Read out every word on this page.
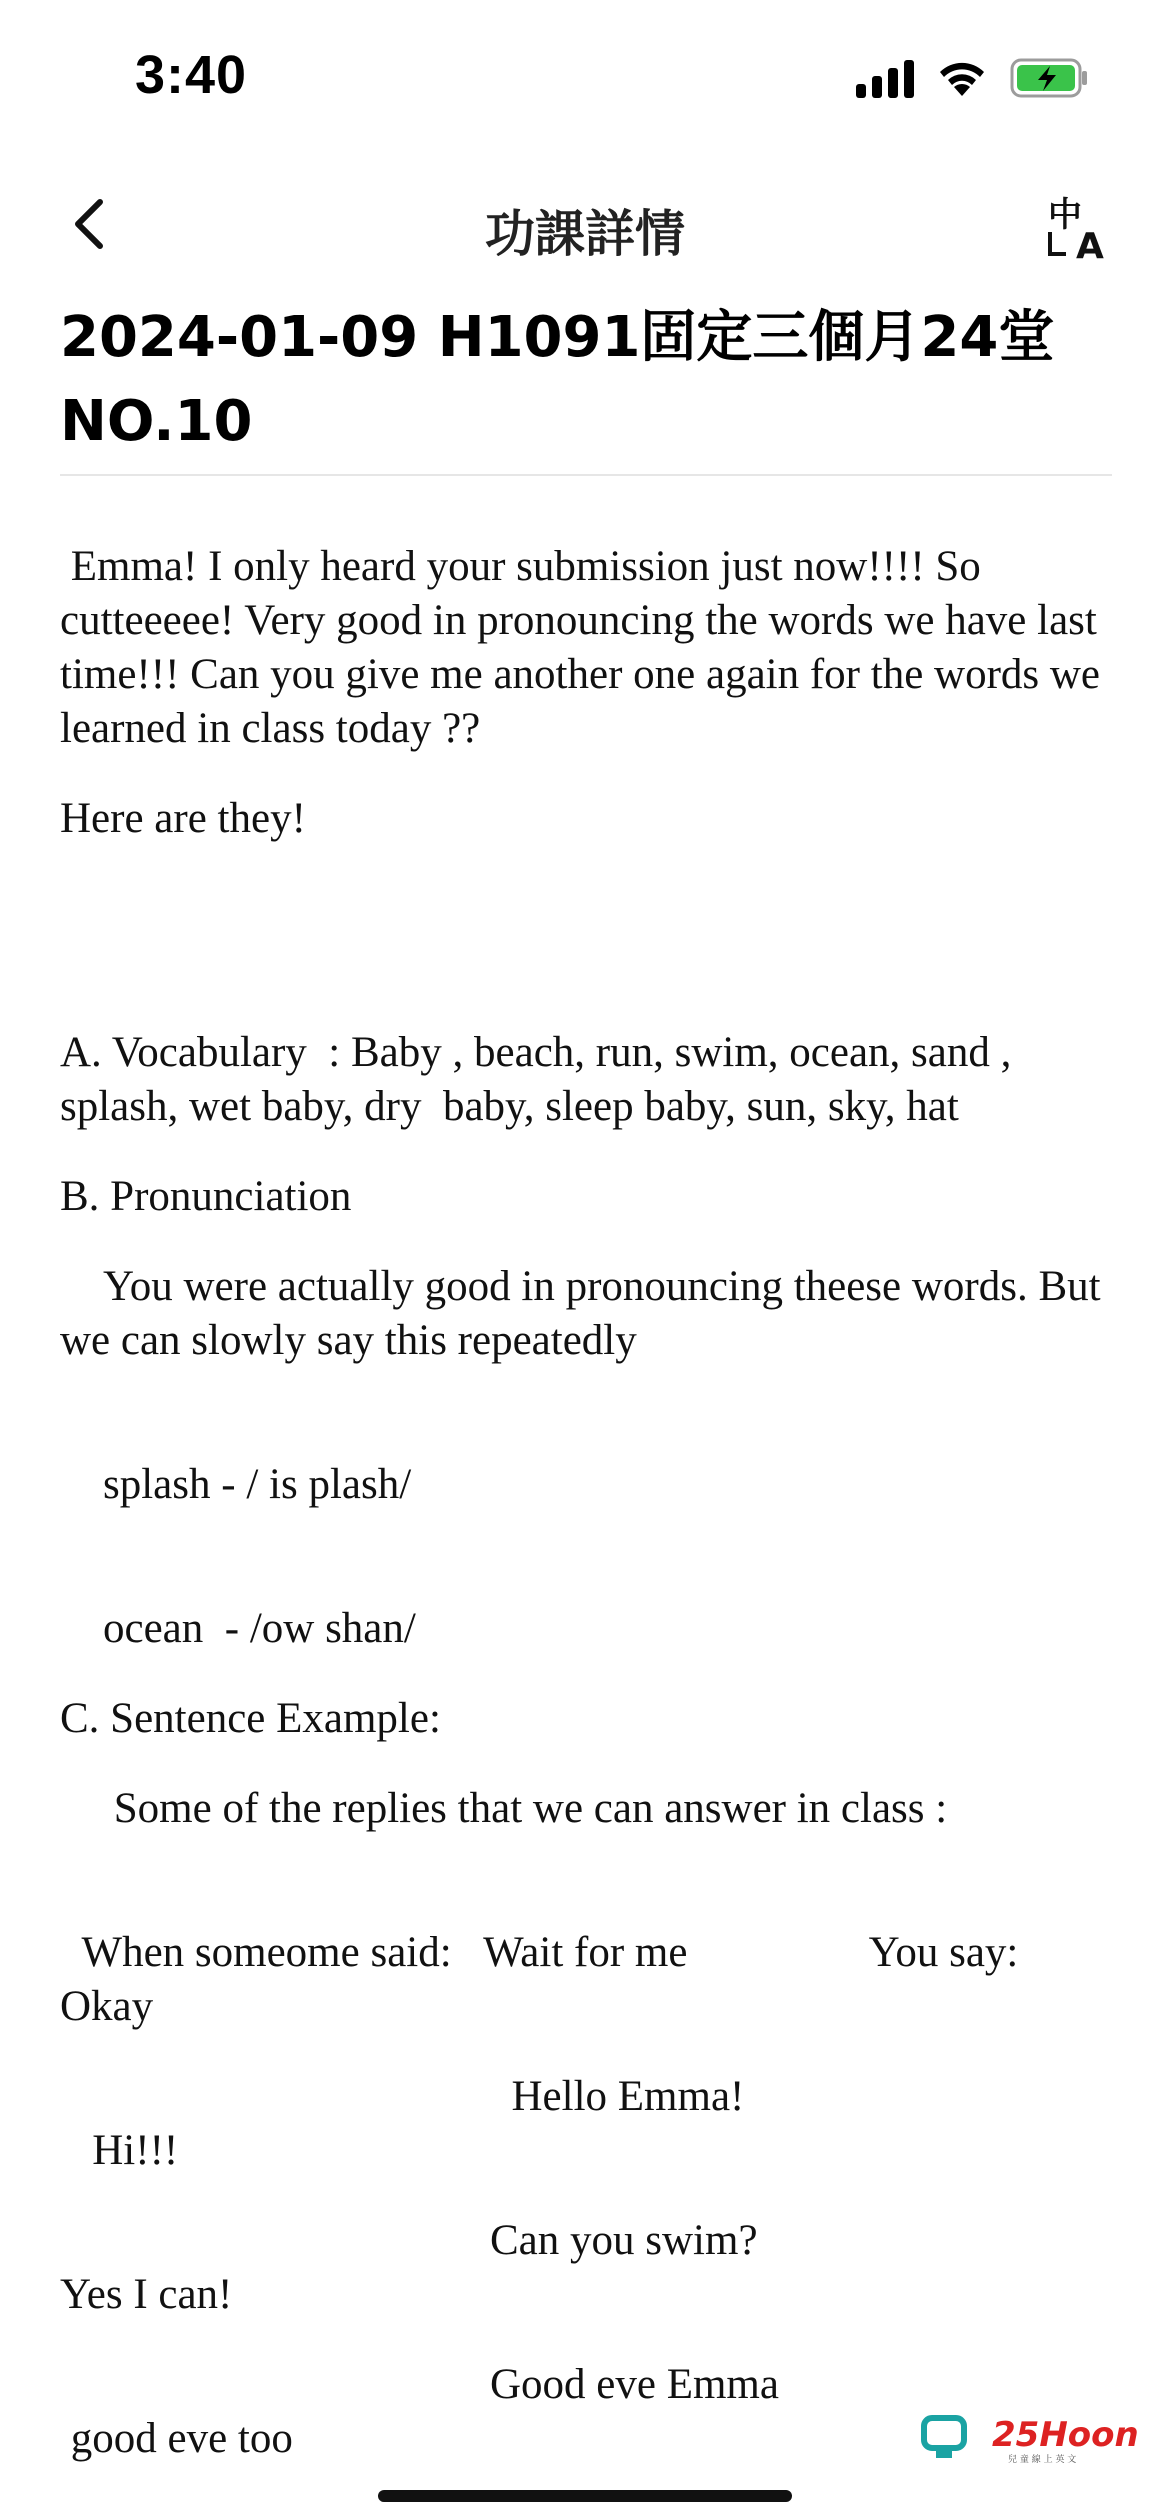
3:40
功課詳情	中
A
2024-01-09 H1091固定三個月24堂
NO.10

Emma! I only heard your submission just now!!!! So cutteeeee! Very good in pronouncing the words we have last time!!! Can you give me another one again for the words we learned in class today ??

Here are they!

A. Vocabulary  : Baby , beach, run, swim, ocean, sand , splash, wet baby, dry  baby, sleep baby, sun, sky, hat

B. Pronunciation

You were actually good in pronouncing theese words. But we can slowly say this repeatedly

splash - / is plash/

ocean  - /ow shan/

C. Sentence Example:

Some of the replies that we can answer in class :

When someome said:   Wait for me                 You say: Okay

Hello Emma!

Hi!!!

Can you swim?

Yes I can!

Good eve Emma

good eve too	25Hoon
兒 童 線 上 英 文
